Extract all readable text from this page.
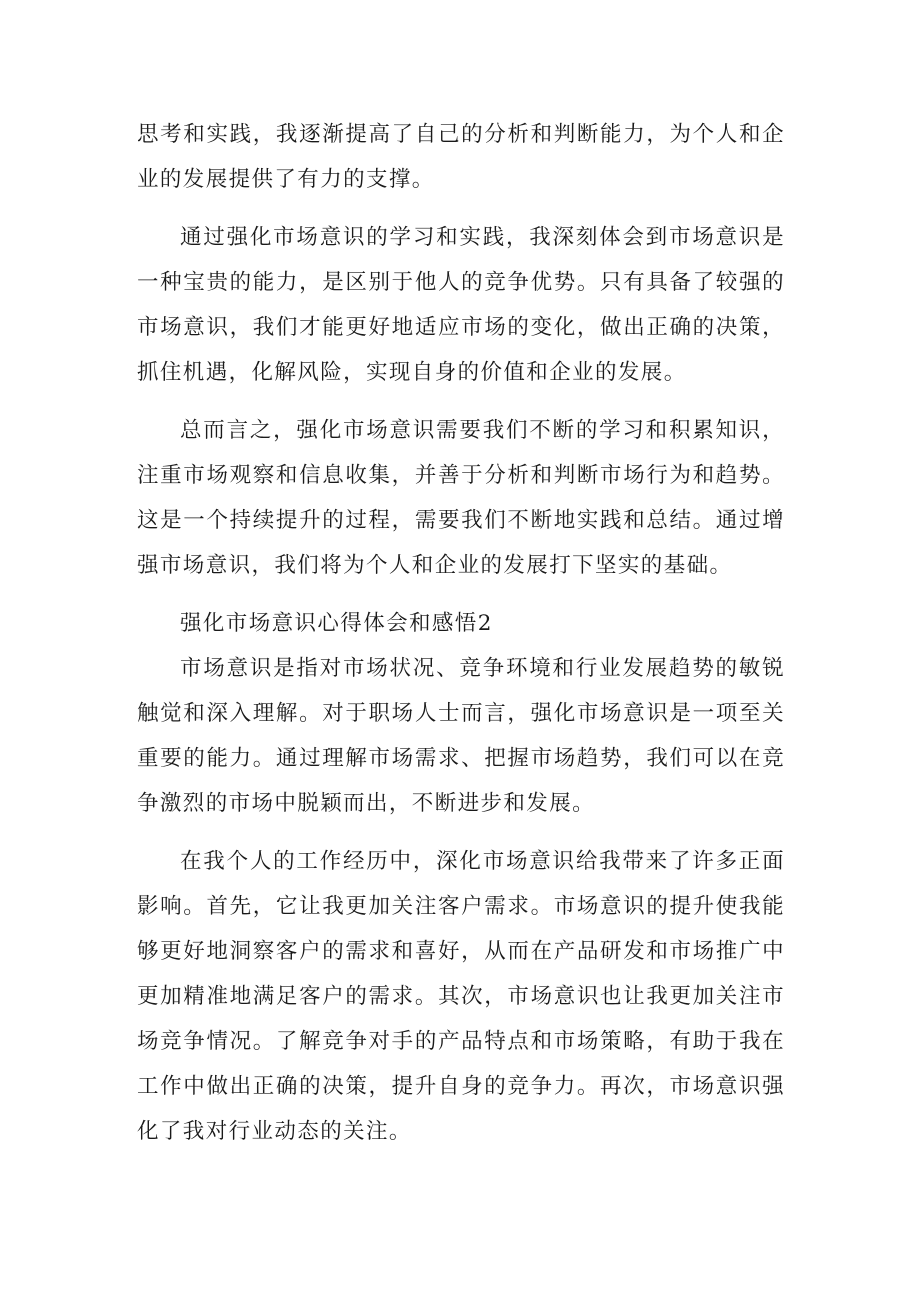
思考和实践，我逐渐提高了自己的分析和判断能力，为个人和企业的发展提供了有力的支撑。

通过强化市场意识的学习和实践，我深刻体会到市场意识是一种宝贵的能力，是区别于他人的竞争优势。只有具备了较强的市场意识，我们才能更好地适应市场的变化，做出正确的决策，抓住机遇，化解风险，实现自身的价值和企业的发展。

总而言之，强化市场意识需要我们不断的学习和积累知识，注重市场观察和信息收集，并善于分析和判断市场行为和趋势。这是一个持续提升的过程，需要我们不断地实践和总结。通过增强市场意识，我们将为个人和企业的发展打下坚实的基础。

强化市场意识心得体会和感悟2

市场意识是指对市场状况、竞争环境和行业发展趋势的敏锐触觉和深入理解。对于职场人士而言，强化市场意识是一项至关重要的能力。通过理解市场需求、把握市场趋势，我们可以在竞争激烈的市场中脱颖而出，不断进步和发展。

在我个人的工作经历中，深化市场意识给我带来了许多正面影响。首先，它让我更加关注客户需求。市场意识的提升使我能够更好地洞察客户的需求和喜好，从而在产品研发和市场推广中更加精准地满足客户的需求。其次，市场意识也让我更加关注市场竞争情况。了解竞争对手的产品特点和市场策略，有助于我在工作中做出正确的决策，提升自身的竞争力。再次，市场意识强化了我对行业动态的关注。
